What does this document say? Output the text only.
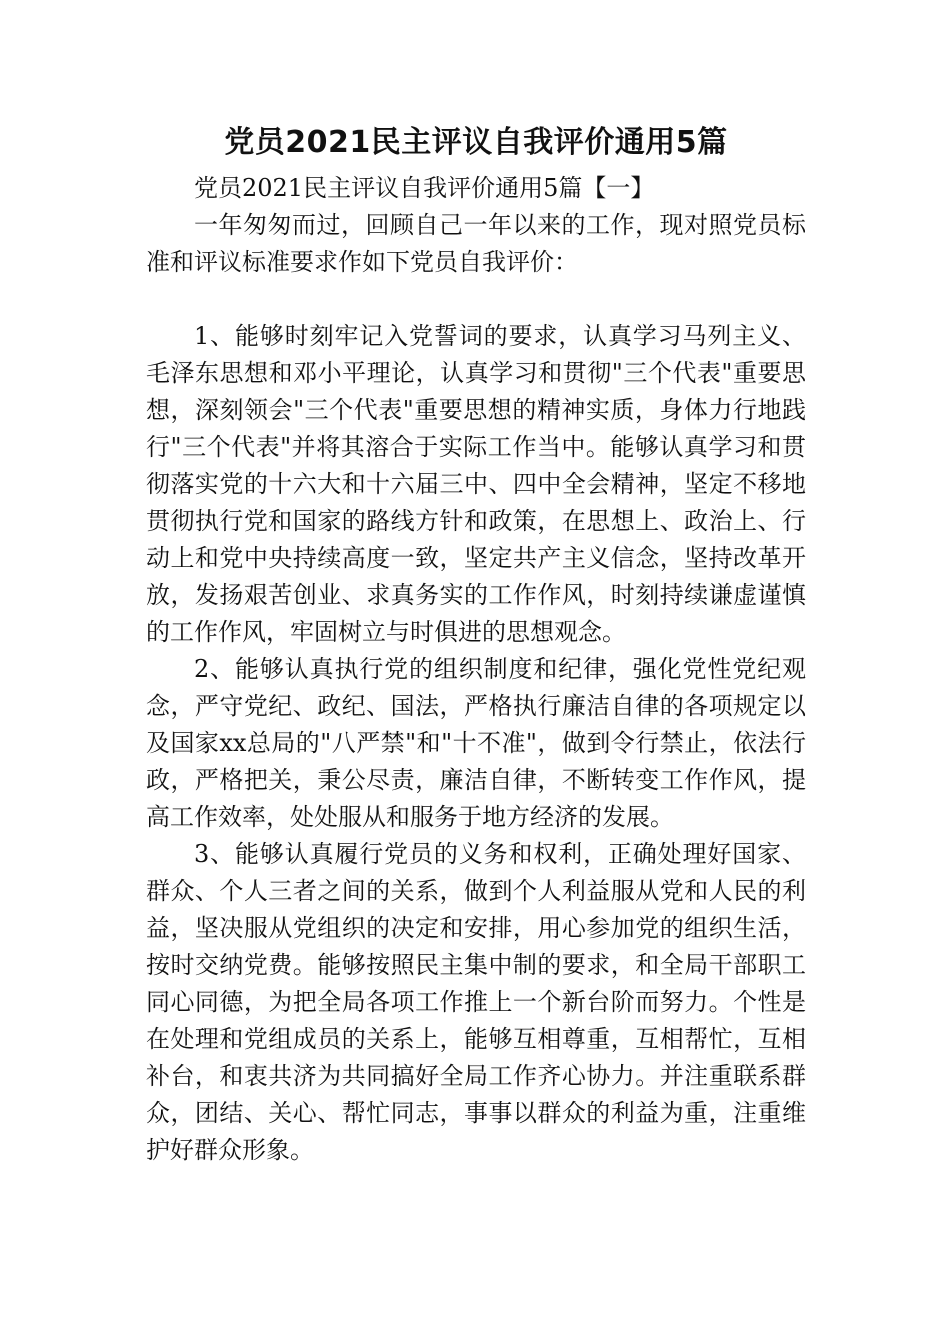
党员2021民主评议自我评价通用5篇

党员2021民主评议自我评价通用5篇【一】

一年匆匆而过，回顾自己一年以来的工作，现对照党员标准和评议标准要求作如下党员自我评价：

1、能够时刻牢记入党誓词的要求，认真学习马列主义、毛泽东思想和邓小平理论，认真学习和贯彻"三个代表"重要思想，深刻领会"三个代表"重要思想的精神实质，身体力行地践行"三个代表"并将其溶合于实际工作当中。能够认真学习和贯彻落实党的十六大和十六届三中、四中全会精神，坚定不移地贯彻执行党和国家的路线方针和政策，在思想上、政治上、行动上和党中央持续高度一致，坚定共产主义信念，坚持改革开放，发扬艰苦创业、求真务实的工作作风，时刻持续谦虚谨慎的工作作风，牢固树立与时俱进的思想观念。

2、能够认真执行党的组织制度和纪律，强化党性党纪观念，严守党纪、政纪、国法，严格执行廉洁自律的各项规定以及国家xx总局的"八严禁"和"十不准"，做到令行禁止，依法行政，严格把关，秉公尽责，廉洁自律，不断转变工作作风，提高工作效率，处处服从和服务于地方经济的发展。

3、能够认真履行党员的义务和权利，正确处理好国家、群众、个人三者之间的关系，做到个人利益服从党和人民的利益，坚决服从党组织的决定和安排，用心参加党的组织生活，按时交纳党费。能够按照民主集中制的要求，和全局干部职工同心同德，为把全局各项工作推上一个新台阶而努力。个性是在处理和党组成员的关系上，能够互相尊重，互相帮忙，互相补台，和衷共济为共同搞好全局工作齐心协力。并注重联系群众，团结、关心、帮忙同志，事事以群众的利益为重，注重维护好群众形象。
